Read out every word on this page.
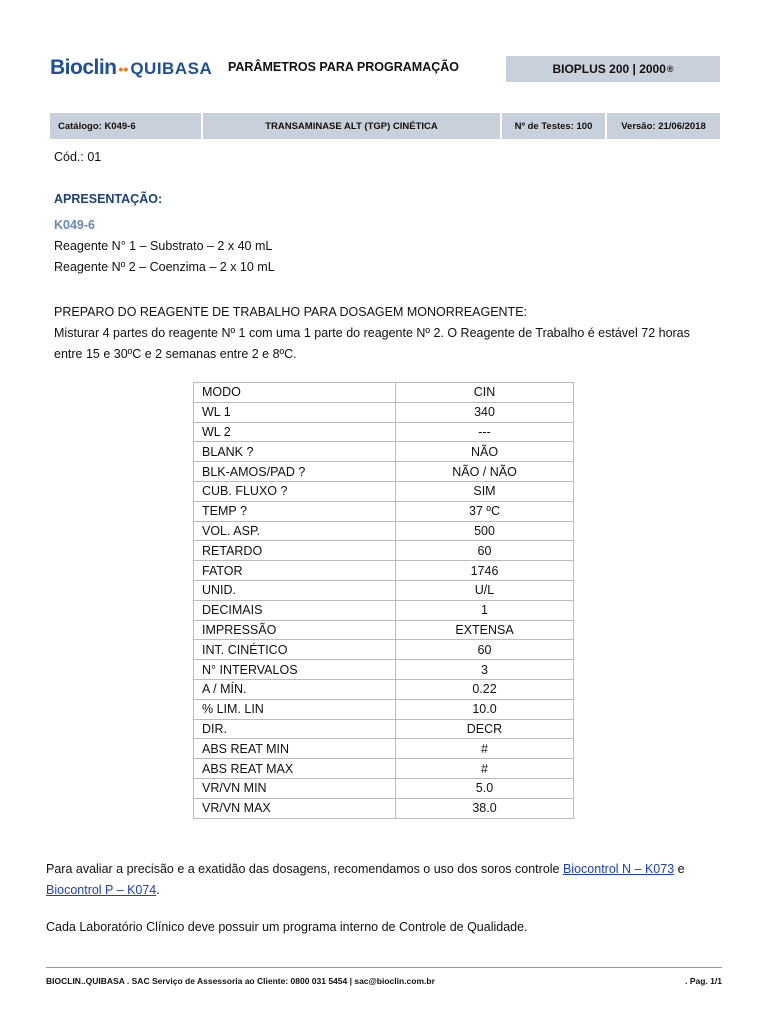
Bioclin •• QUIBASA PARÂMETROS PARA PROGRAMAÇÃO	BIOPLUS 200 | 2000 ®
Catálogo: K049-6	TRANSAMINASE ALT (TGP) CINÉTICA	Nº de Testes: 100	Versão: 21/06/2018
Cód.: 01
APRESENTAÇÃO:
K049-6
Reagente N° 1 – Substrato – 2 x 40 mL
Reagente Nº 2 – Coenzima – 2 x 10 mL
PREPARO DO REAGENTE DE TRABALHO PARA DOSAGEM MONORREAGENTE:
Misturar 4 partes do reagente Nº 1 com uma 1 parte do reagente Nº 2. O Reagente de Trabalho é estável 72 horas
entre 15 e 30ºC e 2 semanas entre 2 e 8ºC.
MODO	CIN
WL 1	340
WL 2	---
BLANK ?	NÃO
BLK-AMOS/PAD ?	NÃO / NÃO
CUB. FLUXO ?	SIM
TEMP ?	37 ºC
VOL. ASP.	500
RETARDO	60
FATOR	1746
UNID.	U/L
DECIMAIS	1
IMPRESSÃO	EXTENSA
INT. CINÉTICO	60
N° INTERVALOS	3
A / MÍN.	0.22
% LIM. LIN	10.0
DIR.	DECR
ABS REAT MIN	#
ABS REAT MAX	#
VR/VN MIN	5.0
VR/VN MAX	38.0
Para avaliar a precisão e a exatidão das dosagens, recomendamos o uso dos soros controle Biocontrol N – K073 e
Biocontrol P – K074.
Cada Laboratório Clínico deve possuir um programa interno de Controle de Qualidade.
BIOCLIN..QUIBASA . SAC Serviço de Assessoria ao Cliente: 0800 031 5454 | sac@bioclin.com.br	. Pag. 1/1
